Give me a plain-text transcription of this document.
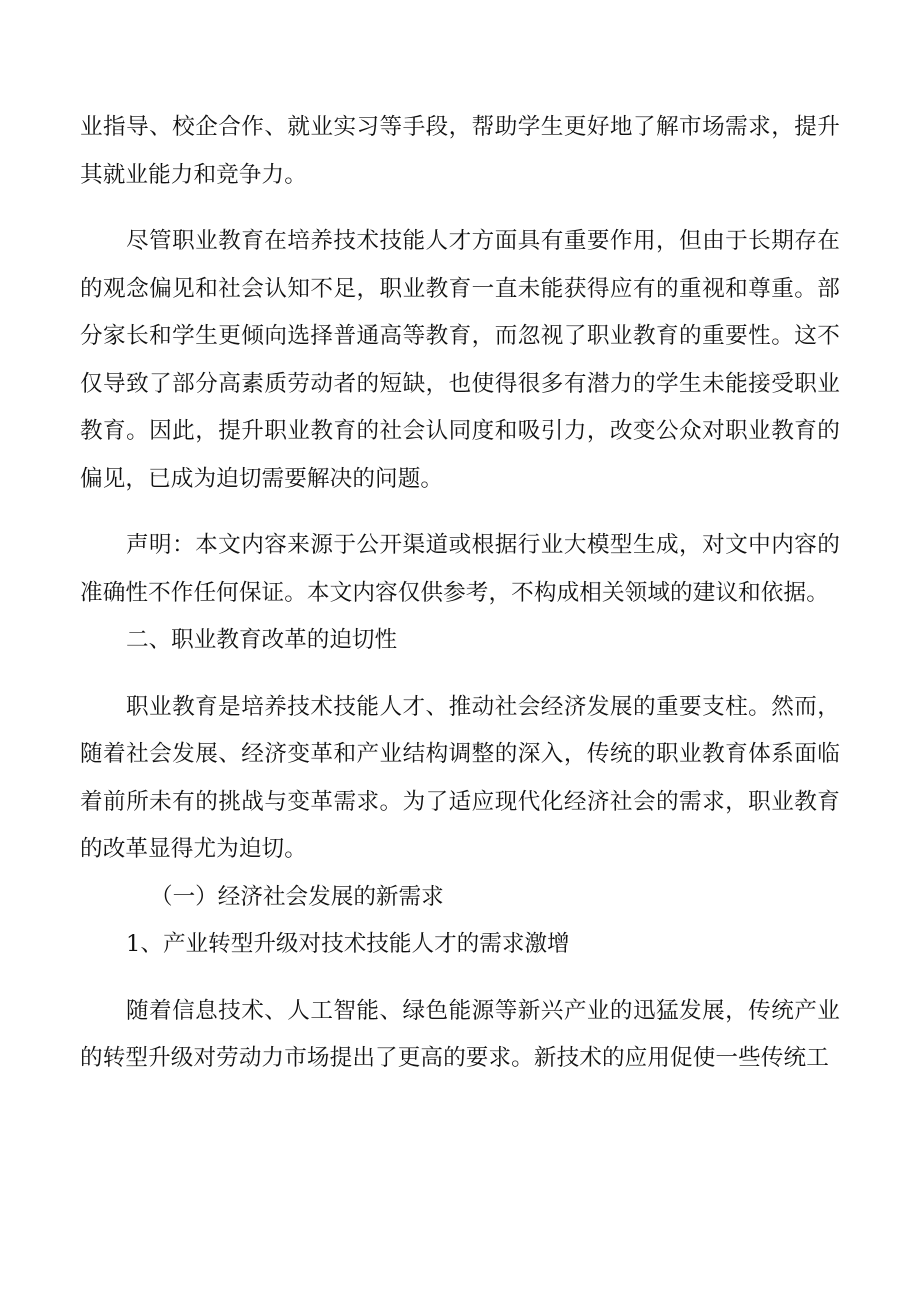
业指导、校企合作、就业实习等手段，帮助学生更好地了解市场需求，提升其就业能力和竞争力。

尽管职业教育在培养技术技能人才方面具有重要作用，但由于长期存在的观念偏见和社会认知不足，职业教育一直未能获得应有的重视和尊重。部分家长和学生更倾向选择普通高等教育，而忽视了职业教育的重要性。这不仅导致了部分高素质劳动者的短缺，也使得很多有潜力的学生未能接受职业教育。因此，提升职业教育的社会认同度和吸引力，改变公众对职业教育的偏见，已成为迫切需要解决的问题。

声明：本文内容来源于公开渠道或根据行业大模型生成，对文中内容的准确性不作任何保证。本文内容仅供参考，不构成相关领域的建议和依据。

二、职业教育改革的迫切性

职业教育是培养技术技能人才、推动社会经济发展的重要支柱。然而，随着社会发展、经济变革和产业结构调整的深入，传统的职业教育体系面临着前所未有的挑战与变革需求。为了适应现代化经济社会的需求，职业教育的改革显得尤为迫切。

（一）经济社会发展的新需求

1、产业转型升级对技术技能人才的需求激增

随着信息技术、人工智能、绿色能源等新兴产业的迅猛发展，传统产业的转型升级对劳动力市场提出了更高的要求。新技术的应用促使一些传统工
